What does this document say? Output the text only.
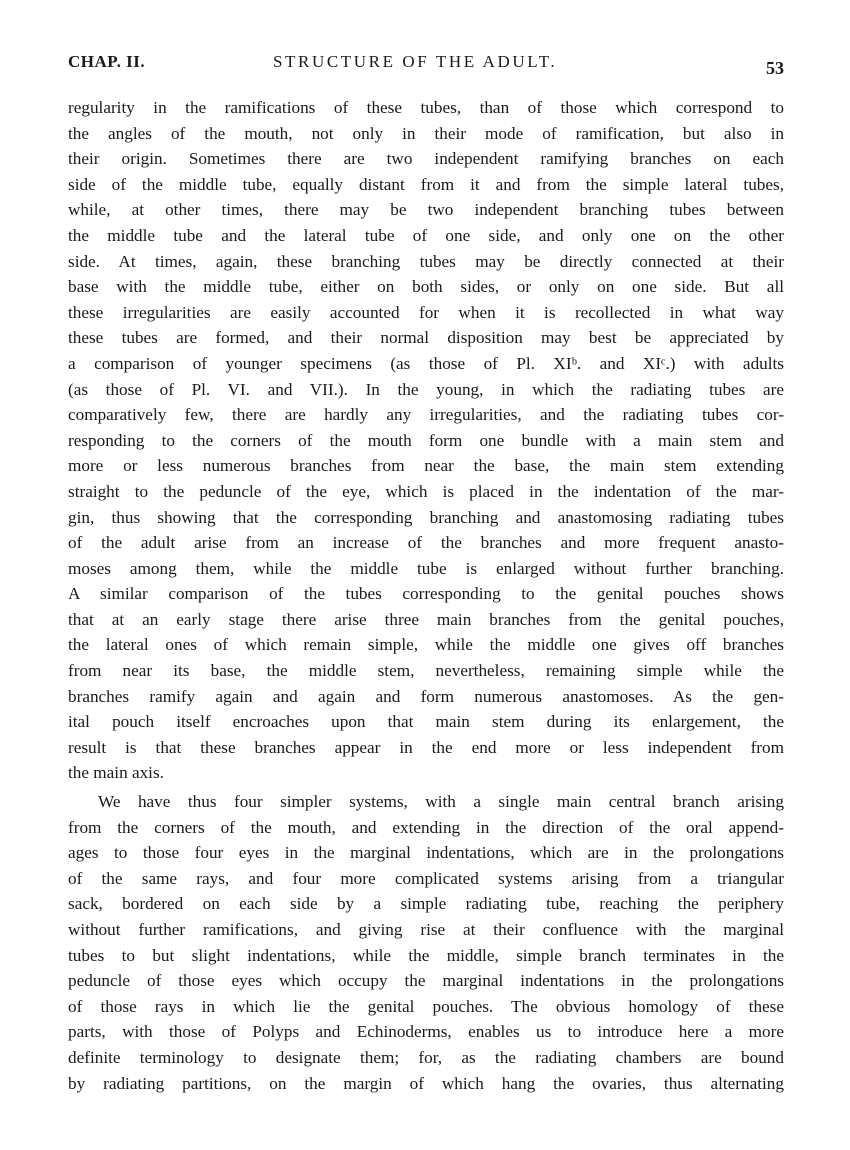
CHAP. II.	STRUCTURE OF THE ADULT.	53
regularity in the ramifications of these tubes, than of those which correspond to
the angles of the mouth, not only in their mode of ramification, but also in
their origin. Sometimes there are two independent ramifying branches on each
side of the middle tube, equally distant from it and from the simple lateral tubes,
while, at other times, there may be two independent branching tubes between
the middle tube and the lateral tube of one side, and only one on the other
side. At times, again, these branching tubes may be directly connected at their
base with the middle tube, either on both sides, or only on one side. But all
these irregularities are easily accounted for when it is recollected in what way
these tubes are formed, and their normal disposition may best be appreciated by
a comparison of younger specimens (as those of Pl. XIᵇ. and XIᶜ.) with adults
(as those of Pl. VI. and VII.). In the young, in which the radiating tubes are
comparatively few, there are hardly any irregularities, and the radiating tubes cor-
responding to the corners of the mouth form one bundle with a main stem and
more or less numerous branches from near the base, the main stem extending
straight to the peduncle of the eye, which is placed in the indentation of the mar-
gin, thus showing that the corresponding branching and anastomosing radiating tubes
of the adult arise from an increase of the branches and more frequent anasto-
moses among them, while the middle tube is enlarged without further branching.
A similar comparison of the tubes corresponding to the genital pouches shows
that at an early stage there arise three main branches from the genital pouches,
the lateral ones of which remain simple, while the middle one gives off branches
from near its base, the middle stem, nevertheless, remaining simple while the
branches ramify again and again and form numerous anastomoses. As the gen-
ital pouch itself encroaches upon that main stem during its enlargement, the
result is that these branches appear in the end more or less independent from
the main axis.
We have thus four simpler systems, with a single main central branch arising
from the corners of the mouth, and extending in the direction of the oral append-
ages to those four eyes in the marginal indentations, which are in the prolongations
of the same rays, and four more complicated systems arising from a triangular
sack, bordered on each side by a simple radiating tube, reaching the periphery
without further ramifications, and giving rise at their confluence with the marginal
tubes to but slight indentations, while the middle, simple branch terminates in the
peduncle of those eyes which occupy the marginal indentations in the prolongations
of those rays in which lie the genital pouches. The obvious homology of these
parts, with those of Polyps and Echinoderms, enables us to introduce here a more
definite terminology to designate them; for, as the radiating chambers are bound
by radiating partitions, on the margin of which hang the ovaries, thus alternating
